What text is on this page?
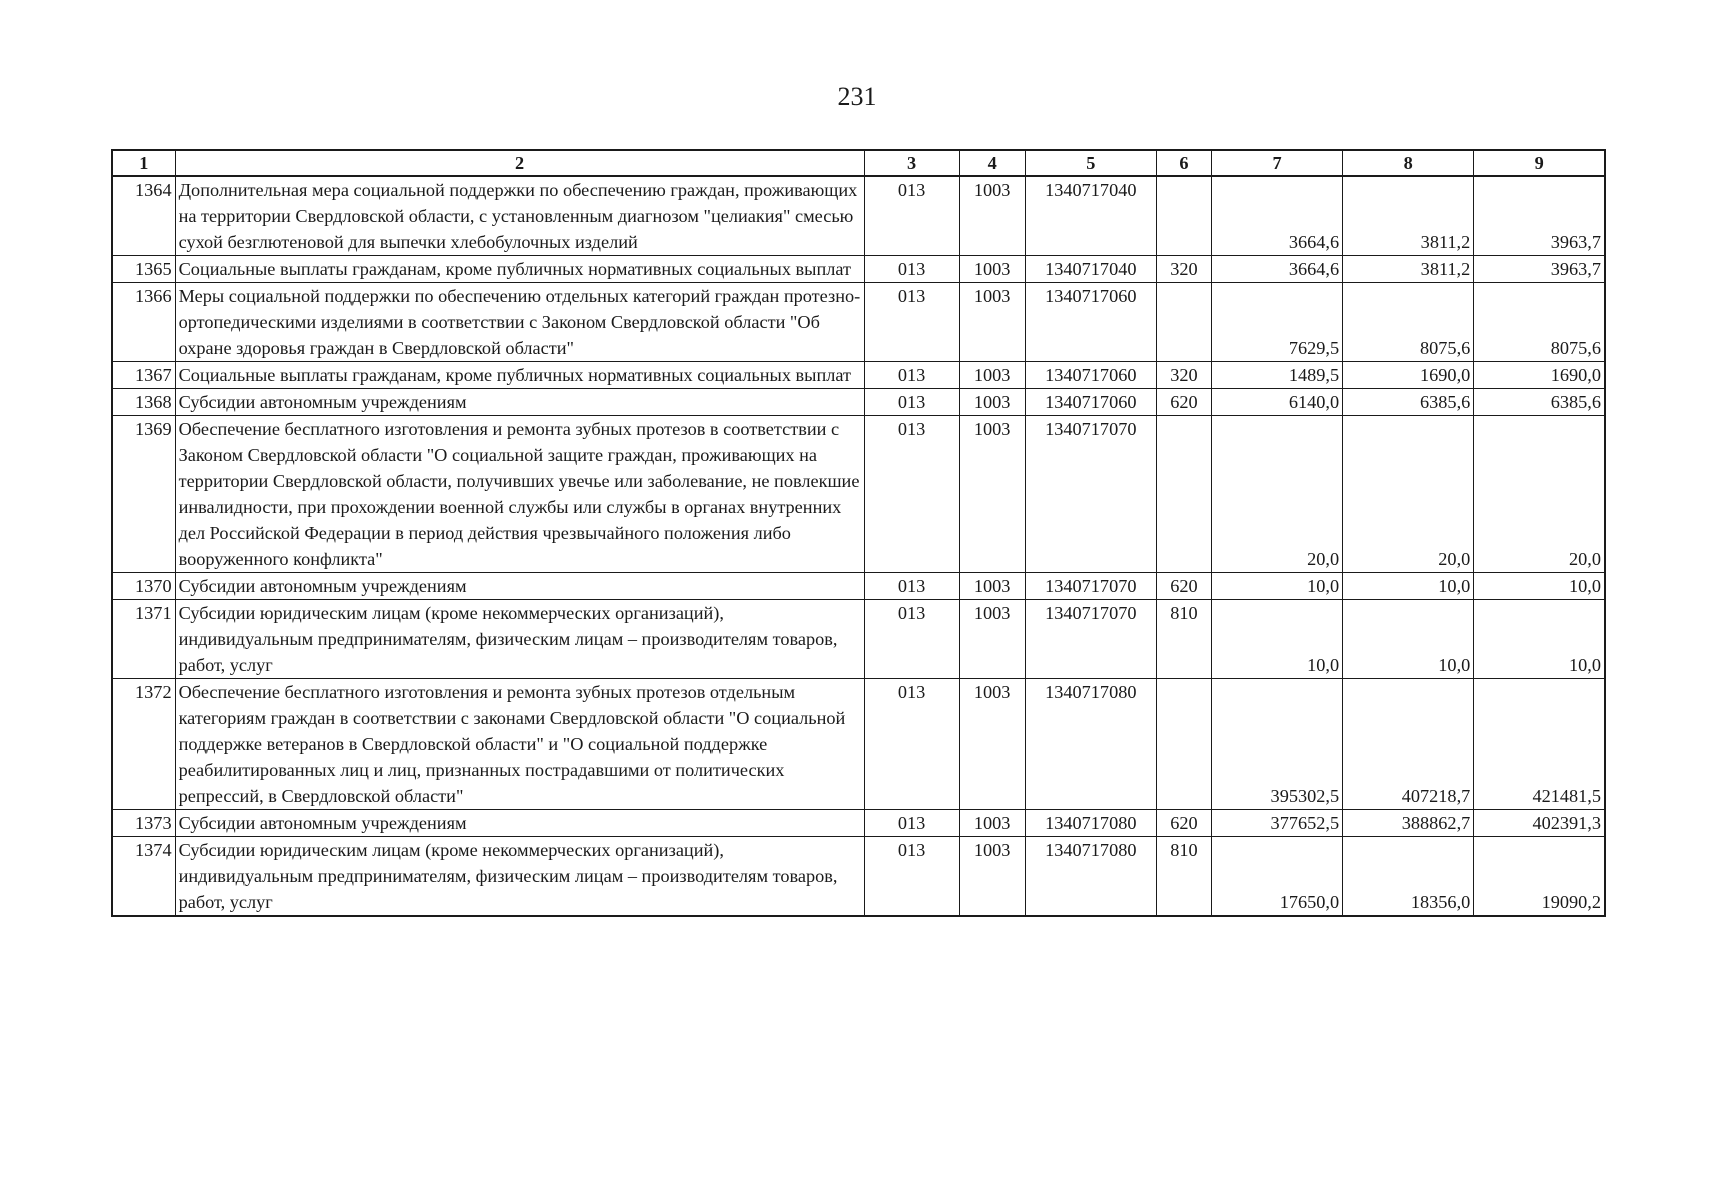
231
1	2	3	4	5	6	7	8	9
1364	Дополнительная мера социальной поддержки по обеспечению граждан, проживающих на территории Свердловской области, с установленным диагнозом "целиакия" смесью сухой безглютеновой для выпечки хлебобулочных изделий	013	1003	1340717040		3664,6	3811,2	3963,7
1365	Социальные выплаты гражданам, кроме публичных нормативных социальных выплат	013	1003	1340717040	320	3664,6	3811,2	3963,7
1366	Меры социальной поддержки по обеспечению отдельных категорий граждан протезно-ортопедическими изделиями в соответствии с Законом Свердловской области "Об охране здоровья граждан в Свердловской области"	013	1003	1340717060		7629,5	8075,6	8075,6
1367	Социальные выплаты гражданам, кроме публичных нормативных социальных выплат	013	1003	1340717060	320	1489,5	1690,0	1690,0
1368	Субсидии автономным учреждениям	013	1003	1340717060	620	6140,0	6385,6	6385,6
1369	Обеспечение бесплатного изготовления и ремонта зубных протезов в соответствии с Законом Свердловской области "О социальной защите граждан, проживающих на территории Свердловской области, получивших увечье или заболевание, не повлекшие инвалидности, при прохождении военной службы или службы в органах внутренних дел Российской Федерации в период действия чрезвычайного положения либо вооруженного конфликта"	013	1003	1340717070		20,0	20,0	20,0
1370	Субсидии автономным учреждениям	013	1003	1340717070	620	10,0	10,0	10,0
1371	Субсидии юридическим лицам (кроме некоммерческих организаций), индивидуальным предпринимателям, физическим лицам – производителям товаров, работ, услуг	013	1003	1340717070	810	10,0	10,0	10,0
1372	Обеспечение бесплатного изготовления и ремонта зубных протезов отдельным категориям граждан в соответствии с законами Свердловской области "О социальной поддержке ветеранов в Свердловской области" и "О социальной поддержке реабилитированных лиц и лиц, признанных пострадавшими от политических репрессий, в Свердловской области"	013	1003	1340717080		395302,5	407218,7	421481,5
1373	Субсидии автономным учреждениям	013	1003	1340717080	620	377652,5	388862,7	402391,3
1374	Субсидии юридическим лицам (кроме некоммерческих организаций), индивидуальным предпринимателям, физическим лицам – производителям товаров, работ, услуг	013	1003	1340717080	810	17650,0	18356,0	19090,2
